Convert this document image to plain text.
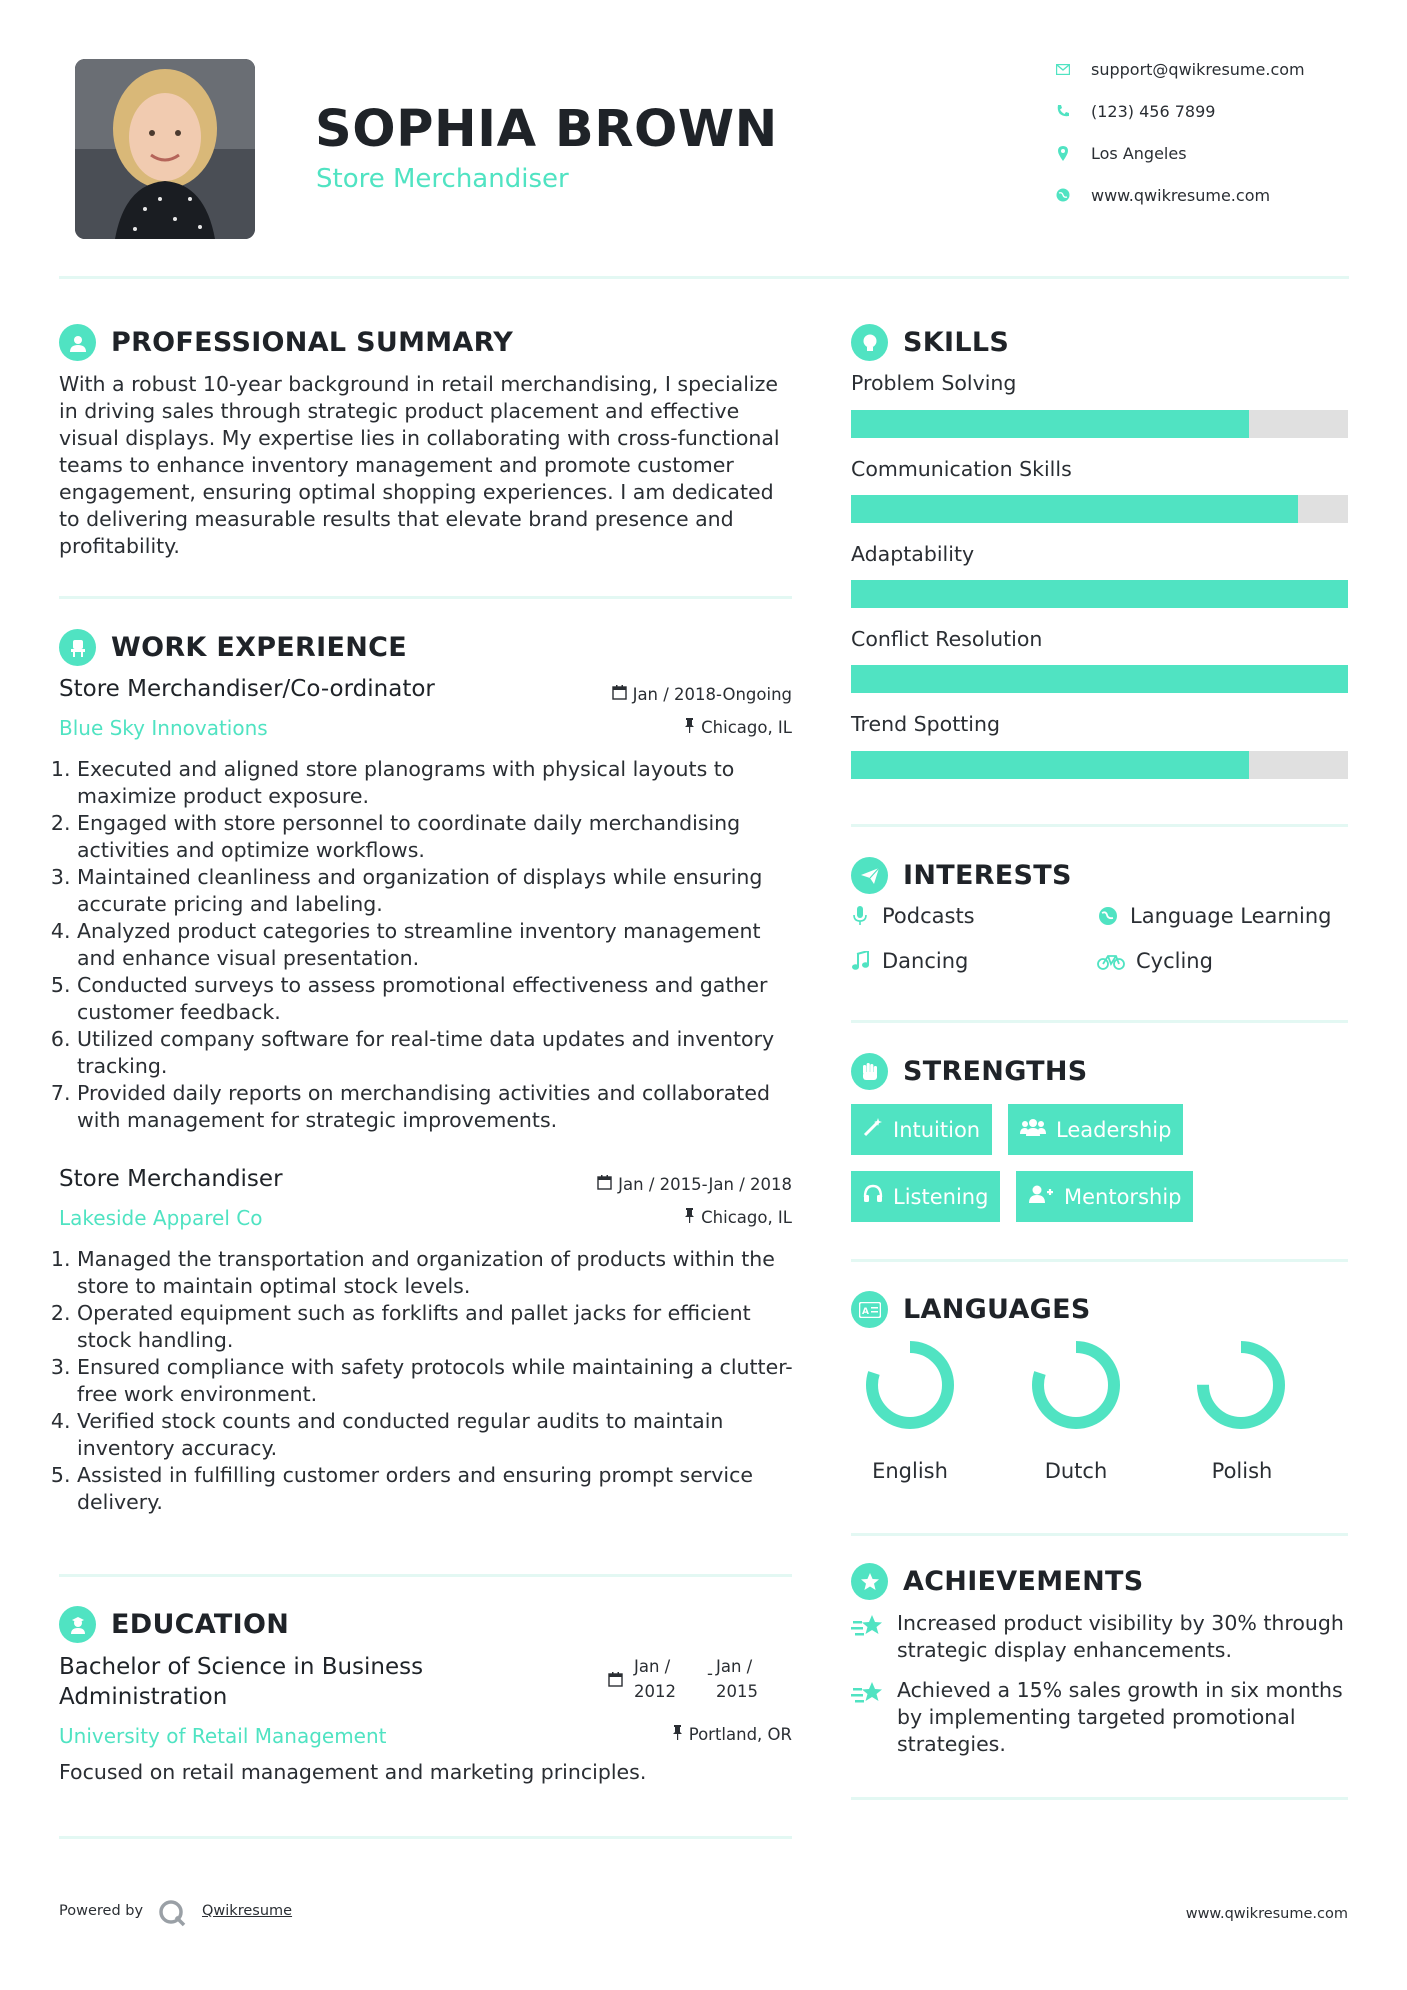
SOPHIA BROWN
Store Merchandiser
support@qwikresume.com
(123) 456 7899
Los Angeles
www.qwikresume.com
PROFESSIONAL SUMMARY
With a robust 10-year background in retail merchandising, I specialize in driving sales through strategic product placement and effective visual displays. My expertise lies in collaborating with cross-functional teams to enhance inventory management and promote customer engagement, ensuring optimal shopping experiences. I am dedicated to delivering measurable results that elevate brand presence and profitability.
WORK EXPERIENCE
Store Merchandiser/Co-ordinator
Blue Sky Innovations
Jan / 2018-Ongoing
Chicago, IL
1. Executed and aligned store planograms with physical layouts to maximize product exposure.
2. Engaged with store personnel to coordinate daily merchandising activities and optimize workflows.
3. Maintained cleanliness and organization of displays while ensuring accurate pricing and labeling.
4. Analyzed product categories to streamline inventory management and enhance visual presentation.
5. Conducted surveys to assess promotional effectiveness and gather customer feedback.
6. Utilized company software for real-time data updates and inventory tracking.
7. Provided daily reports on merchandising activities and collaborated with management for strategic improvements.
Store Merchandiser
Lakeside Apparel Co
Jan / 2015-Jan / 2018
Chicago, IL
1. Managed the transportation and organization of products within the store to maintain optimal stock levels.
2. Operated equipment such as forklifts and pallet jacks for efficient stock handling.
3. Ensured compliance with safety protocols while maintaining a clutter-free work environment.
4. Verified stock counts and conducted regular audits to maintain inventory accuracy.
5. Assisted in fulfilling customer orders and ensuring prompt service delivery.
EDUCATION
Bachelor of Science in Business
Administration
University of Retail Management
Jan /
2012
- Jan /
2015
Portland, OR
Focused on retail management and marketing principles.
SKILLS
Problem Solving
Communication Skills
Adaptability
Conflict Resolution
Trend Spotting
INTERESTS
Podcasts	Language Learning
Dancing	Cycling
STRENGTHS
Intuition	Leadership
Listening	Mentorship
A LANGUAGES
English	Dutch	Polish
ACHIEVEMENTS
Increased product visibility by 30% through strategic display enhancements.
Achieved a 15% sales growth in six months by implementing targeted promotional strategies.
Powered by	Qwikresume	www.qwikresume.com
